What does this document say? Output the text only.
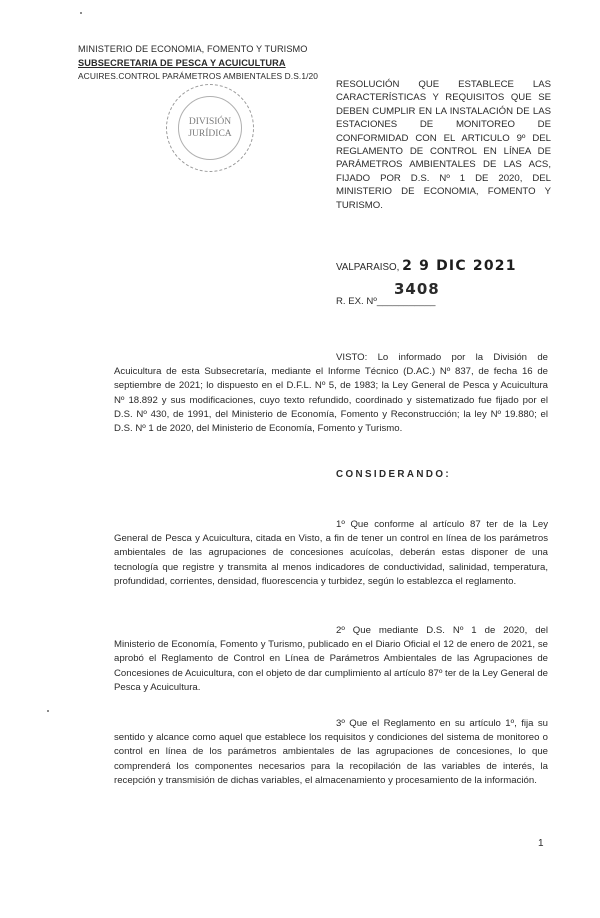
MINISTERIO DE ECONOMIA, FOMENTO Y TURISMO
SUBSECRETARIA DE PESCA Y ACUICULTURA
ACUIRES.CONTROL PARÁMETROS AMBIENTALES D.S.1/20
DIVISIÓN
JURÍDICA
RESOLUCIÓN QUE ESTABLECE LAS CARACTERÍSTICAS Y REQUISITOS QUE SE DEBEN CUMPLIR EN LA INSTALACIÓN DE LAS ESTACIONES DE MONITOREO DE CONFORMIDAD CON EL ARTICULO 9º DEL REGLAMENTO DE CONTROL EN LÍNEA DE PARÁMETROS AMBIENTALES DE LAS ACS, FIJADO POR D.S. Nº 1 DE 2020, DEL MINISTERIO DE ECONOMIA, FOMENTO Y TURISMO.
VALPARAISO, 2 9 DIC 2021
R. EX. Nº___________
3408
VISTO: Lo informado por la División de Acuicultura de esta Subsecretaría, mediante el Informe Técnico (D.AC.) Nº 837, de fecha 16 de septiembre de 2021; lo dispuesto en el D.F.L. Nº 5, de 1983; la Ley General de Pesca y Acuicultura Nº 18.892 y sus modificaciones, cuyo texto refundido, coordinado y sistematizado fue fijado por el D.S. Nº 430, de 1991, del Ministerio de Economía, Fomento y Reconstrucción; la ley Nº 19.880; el D.S. Nº 1 de 2020, del Ministerio de Economía, Fomento y Turismo.
CONSIDERANDO:
1º Que conforme al artículo 87 ter de la Ley General de Pesca y Acuicultura, citada en Visto, a fin de tener un control en línea de los parámetros ambientales de las agrupaciones de concesiones acuícolas, deberán estas disponer de una tecnología que registre y transmita al menos indicadores de conductividad, salinidad, temperatura, profundidad, corrientes, densidad, fluorescencia y turbidez, según lo establezca el reglamento.
2º Que mediante D.S. Nº 1 de 2020, del Ministerio de Economía, Fomento y Turismo, publicado en el Diario Oficial el 12 de enero de 2021, se aprobó el Reglamento de Control en Línea de Parámetros Ambientales de las Agrupaciones de Concesiones de Acuicultura, con el objeto de dar cumplimiento al artículo 87º ter de la Ley General de Pesca y Acuicultura.
3º Que el Reglamento en su artículo 1º, fija su sentido y alcance como aquel que establece los requisitos y condiciones del sistema de monitoreo o control en línea de los parámetros ambientales de las agrupaciones de concesiones, lo que comprenderá los componentes necesarios para la recopilación de las variables de interés, la recepción y transmisión de dichas variables, el almacenamiento y procesamiento de la información.
1
